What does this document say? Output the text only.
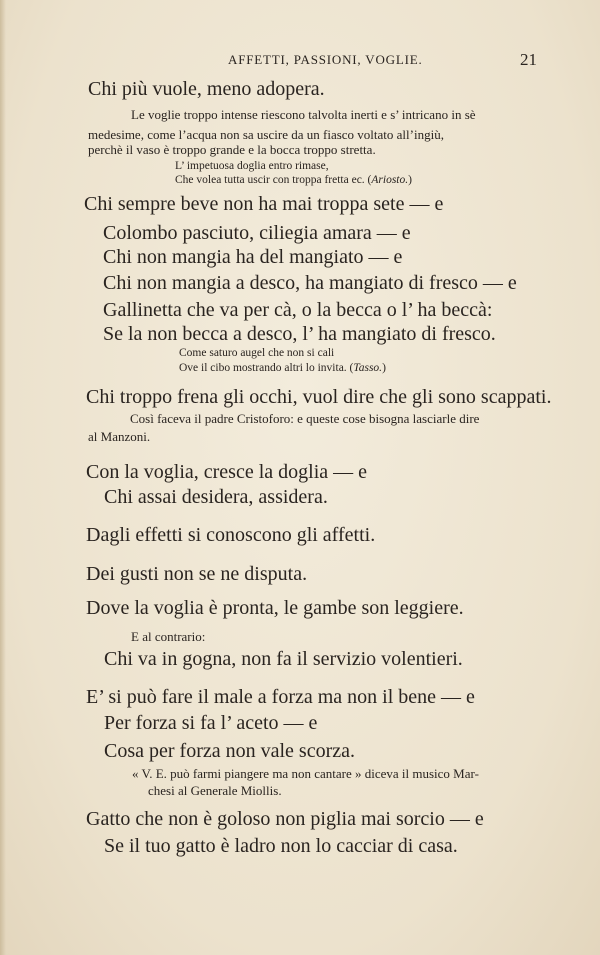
AFFETTI, PASSIONI, VOGLIE.	21
Chi più vuole, meno adopera.
Le voglie troppo intense riescono talvolta inerti e s’ intricano in sè
medesime, come l’acqua non sa uscire da un fiasco voltato all’ingiù,
perchè il vaso è troppo grande e la bocca troppo stretta.
L’ impetuosa doglia entro rimase,
Che volea tutta uscir con troppa fretta ec. (Ariosto.)
Chi sempre beve non ha mai troppa sete — e
Colombo pasciuto, ciliegia amara — e
Chi non mangia ha del mangiato — e
Chi non mangia a desco, ha mangiato di fresco — e
Gallinetta che va per cà, o la becca o l’ ha beccà:
Se la non becca a desco, l’ ha mangiato di fresco.
Come saturo augel che non si cali
Ove il cibo mostrando altri lo invita. (Tasso.)
Chi troppo frena gli occhi, vuol dire che gli sono scappati.
Così faceva il padre Cristoforo: e queste cose bisogna lasciarle dire
al Manzoni.
Con la voglia, cresce la doglia — e
Chi assai desidera, assidera.
Dagli effetti si conoscono gli affetti.
Dei gusti non se ne disputa.
Dove la voglia è pronta, le gambe son leggiere.
E al contrario:
Chi va in gogna, non fa il servizio volentieri.
E’ si può fare il male a forza ma non il bene — e
Per forza si fa l’ aceto — e
Cosa per forza non vale scorza.
« V. E. può farmi piangere ma non cantare » diceva il musico Mar-
chesi al Generale Miollis.
Gatto che non è goloso non piglia mai sorcio — e
Se il tuo gatto è ladro non lo cacciar di casa.
